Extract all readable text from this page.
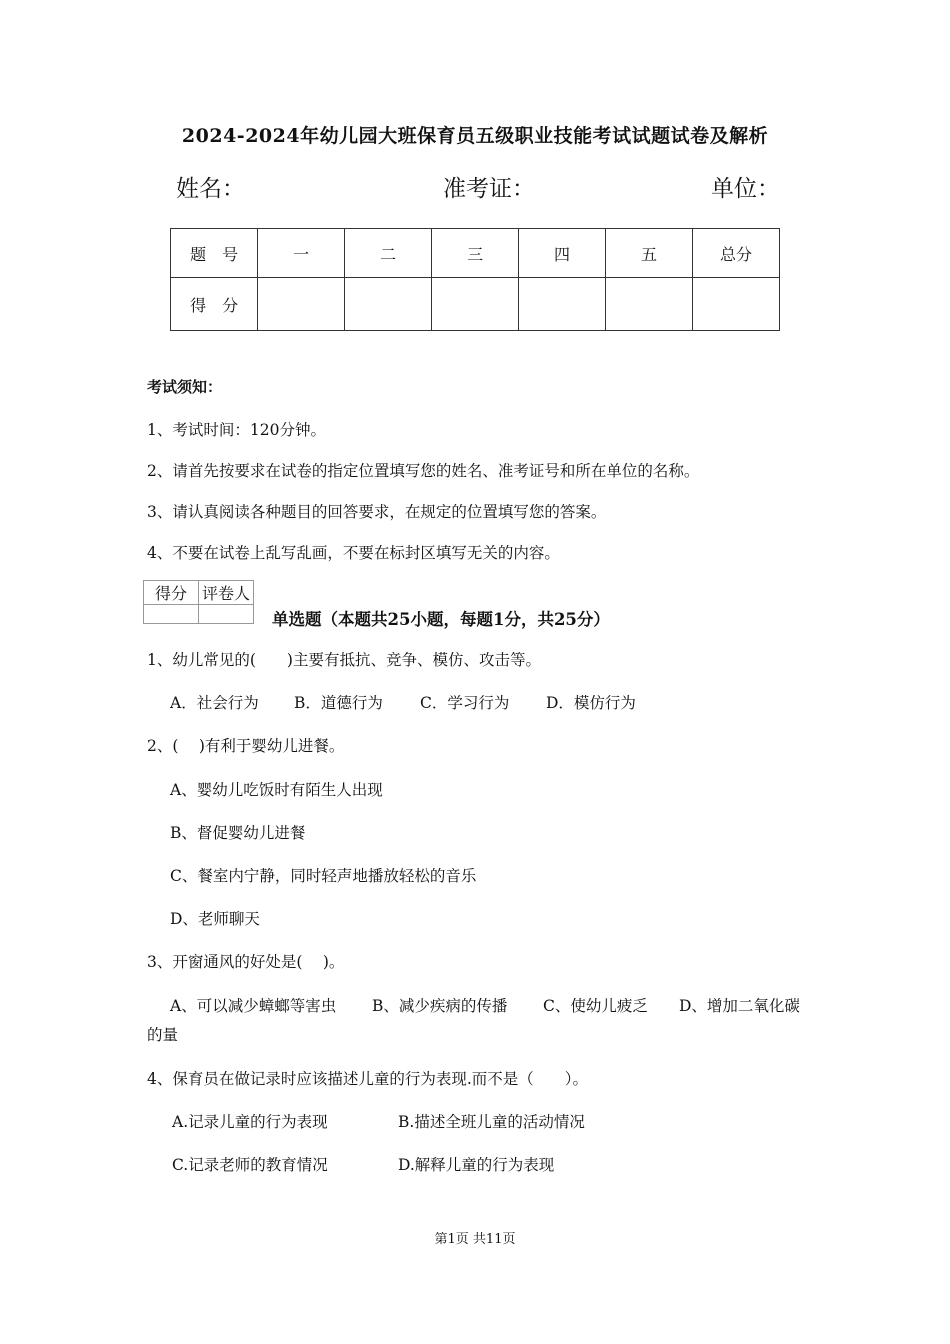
2024-2024年幼儿园大班保育员五级职业技能考试试题试卷及解析
姓名：	准考证：	单位：
题　号	一	二	三	四	五	总分
得　分						
考试须知：
1、考试时间：120分钟。
2、请首先按要求在试卷的指定位置填写您的姓名、准考证号和所在单位的名称。
3、请认真阅读各种题目的回答要求，在规定的位置填写您的答案。
4、不要在试卷上乱写乱画，不要在标封区填写无关的内容。
得分	评卷人

单选题（本题共25小题，每题1分，共25分）
1、幼儿常见的(　　)主要有抵抗、竞争、模仿、攻击等。
A．社会行为 B．道德行为 C．学习行为 D．模仿行为
2、(　 )有利于婴幼儿进餐。
A、婴幼儿吃饭时有陌生人出现
B、督促婴幼儿进餐
C、餐室内宁静，同时轻声地播放轻松的音乐
D、老师聊天
3、开窗通风的好处是(　 )。
A、可以减少蟑螂等害虫 B、减少疾病的传播 C、使幼儿疲乏 D、增加二氧化碳
的量
4、保育员在做记录时应该描述儿童的行为表现.而不是（　　）。
A.记录儿童的行为表现	B.描述全班儿童的活动情况
C.记录老师的教育情况	D.解释儿童的行为表现
第1页 共11页
